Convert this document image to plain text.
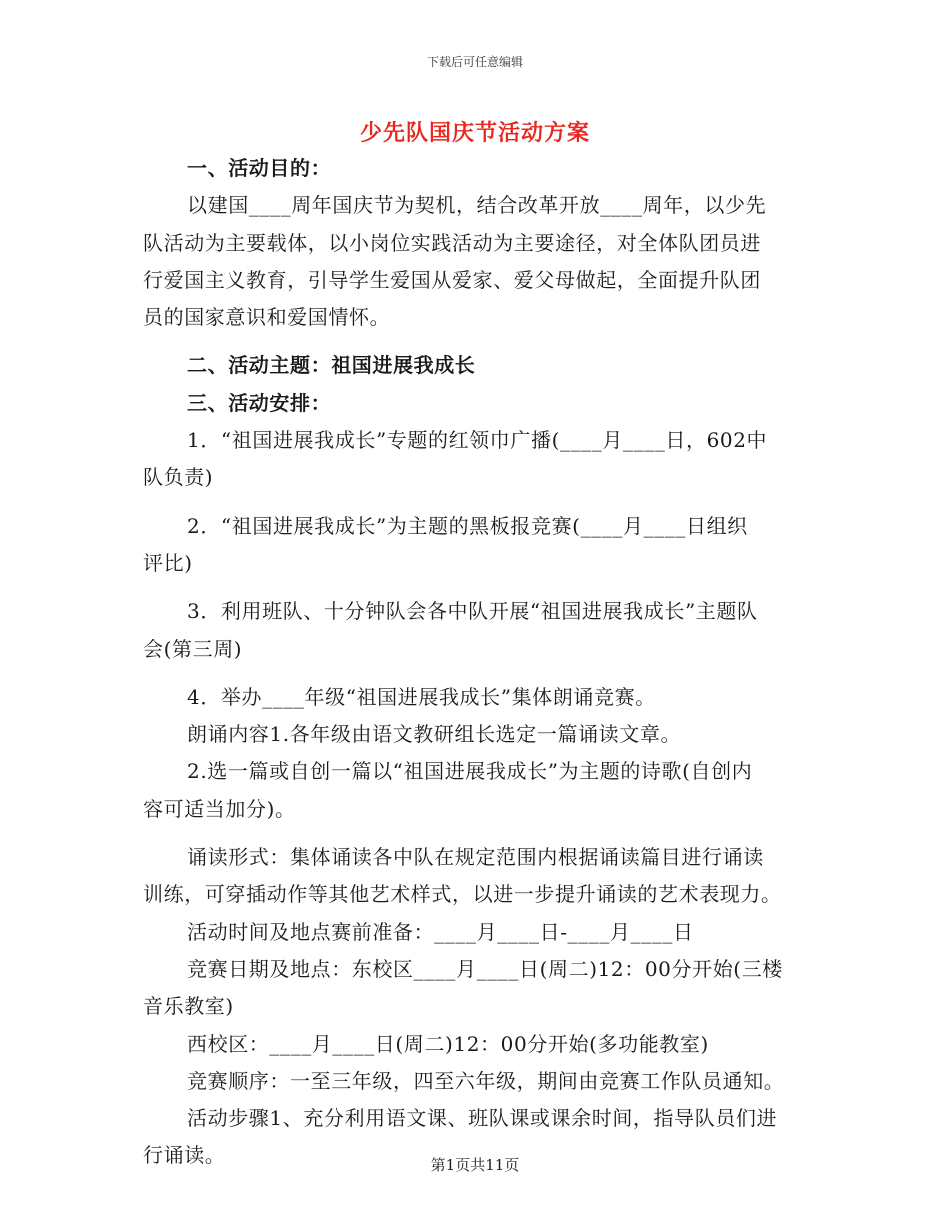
下载后可任意编辑
少先队国庆节活动方案
一、活动目的：
以建国____周年国庆节为契机，结合改革开放____周年，以少先
队活动为主要载体，以小岗位实践活动为主要途径，对全体队团员进
行爱国主义教育，引导学生爱国从爱家、爱父母做起，全面提升队团
员的国家意识和爱国情怀。
二、活动主题：祖国进展我成长
三、活动安排：
1．“祖国进展我成长”专题的红领巾广播(____月____日，602中
队负责)
2．“祖国进展我成长”为主题的黑板报竞赛(____月____日组织
评比)
3．利用班队、十分钟队会各中队开展“祖国进展我成长”主题队
会(第三周)
4．举办____年级“祖国进展我成长”集体朗诵竞赛。
朗诵内容1.各年级由语文教研组长选定一篇诵读文章。
2.选一篇或自创一篇以“祖国进展我成长”为主题的诗歌(自创内
容可适当加分)。
诵读形式：集体诵读各中队在规定范围内根据诵读篇目进行诵读
训练，可穿插动作等其他艺术样式，以进一步提升诵读的艺术表现力。
活动时间及地点赛前准备：____月____日-____月____日
竞赛日期及地点：东校区____月____日(周二)12：00分开始(三楼
音乐教室)
西校区：____月____日(周二)12：00分开始(多功能教室)
竞赛顺序：一至三年级，四至六年级，期间由竞赛工作队员通知。
活动步骤1、充分利用语文课、班队课或课余时间，指导队员们进
行诵读。	第1页共11页
